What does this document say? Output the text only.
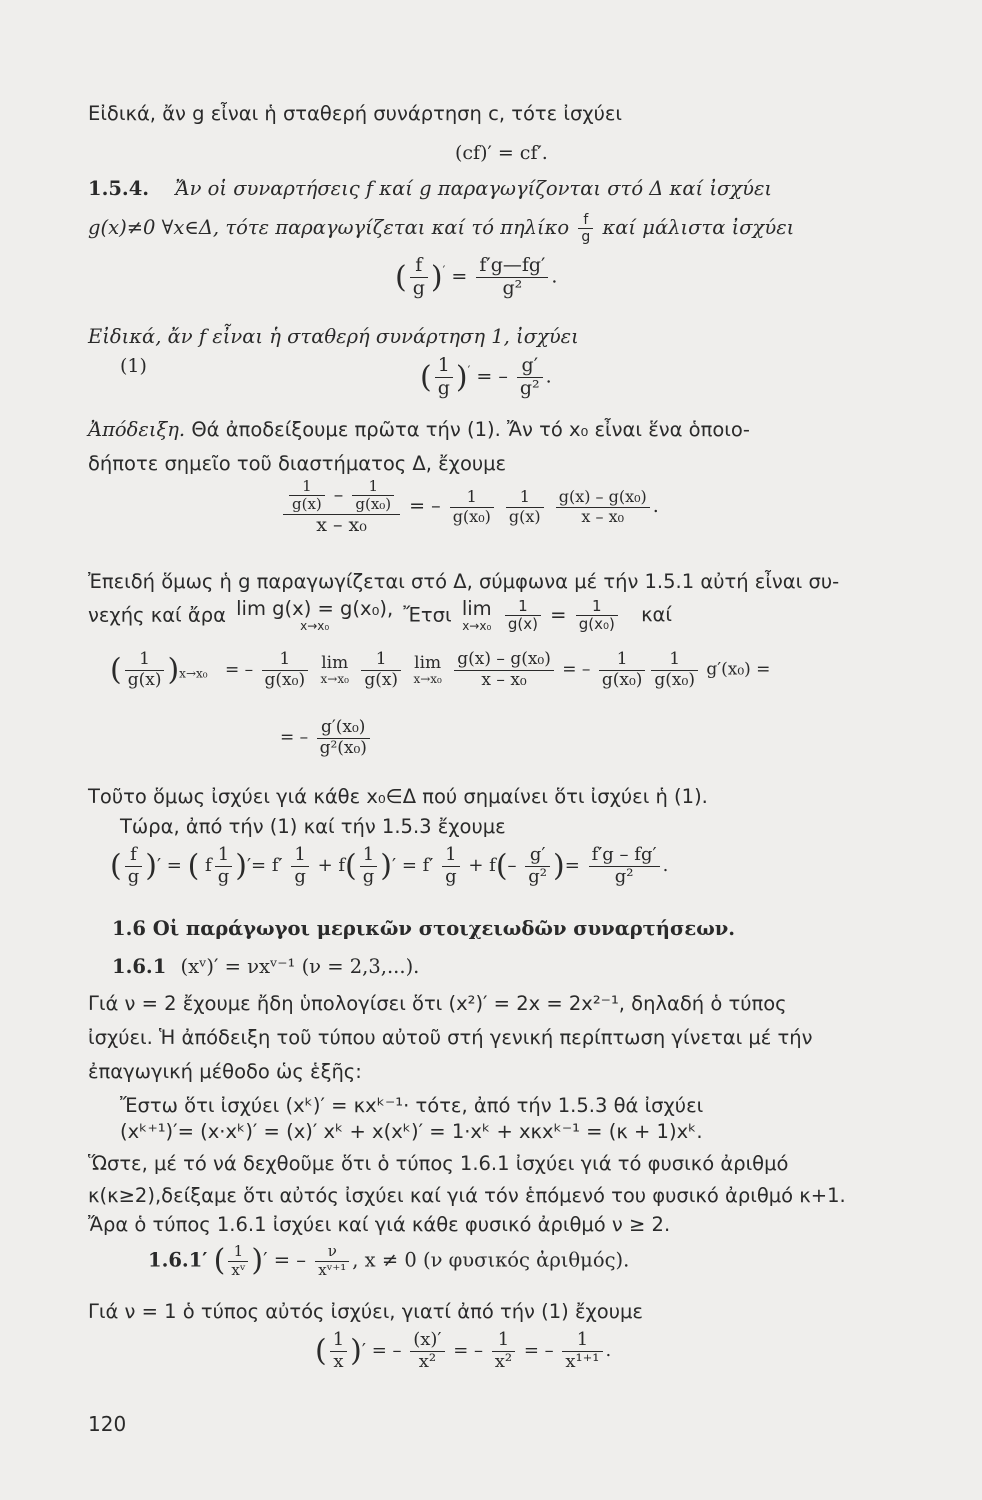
Εἰδικά, ἄν g εἶναι ἡ σταθερή συνάρτηση c, τότε ἰσχύει
(cf)′ = cf′.
1.5.4. Ἄν οἱ συναρτήσεις f καί g παραγωγίζονται στό Δ καί ἰσχύει
g(x)≠0 ∀x∈Δ, τότε παραγωγίζεται καί τό πηλίκο $\frac{f}{g}$ καί μάλιστα ἰσχύει
( $\frac{f}{g} )' = \frac{f'g—fg'}{\text{g²}}$ .
Εἰδικά, ἄν f εἶναι ἡ σταθερή συνάρτηση 1, ἰσχύει
(1)	( $\frac{1}{g} )'$ = – $\frac{g'}{\text{g²}}$ .
Ἀπόδειξη. Θά ἀποδείξουμε πρῶτα τήν (1). Ἄν τό x₀ εἶναι ἕνα ὁποιο-
δήποτε σημεῖο τοῦ διαστήματος Δ, ἔχουμε
$\frac{\frac{1}{g(x)} - \frac{1}{\text{g(x₀)}}}{\text{x – x₀}}$ = – $\frac{1}{\text{g(x₀)}}$
$\frac{1}{g(x)}$
$\frac{\text{g(x) – g(x₀)}}{\text{x – x₀}}$ .
Ἐπειδή ὅμως ἡ g παραγωγίζεται στό Δ, σύμφωνα μέ τήν 1.5.1 αὐτή εἶναι συ-
νεχής καί ἄρα lim g(x) = g(x₀),
x→x₀	Ἔτσι lim
x→x₀
$\frac{1}{g(x)} = \frac{1}{\text{g(x₀)}}$ καί
( $\frac{1}{g(x)} )_{x\to x_0}$ = – $\frac{1}{\text{g(x₀)}}$
lim
x→x₀
$\frac{1}{g(x)}$
lim
x→x₀
$\frac{\text{g(x) – g(x₀)}}{\text{x – x₀}}$ = – $\frac{1}{\text{g(x₀)}} \frac{1}{\text{g(x₀)}} g'(x_0)$ =
= – $\frac{\text{g′(x₀)}}{\text{g²(x₀)}}$
Τοῦτο ὅμως ἰσχύει γιά κάθε x₀∈Δ πού σημαίνει ὅτι ἰσχύει ἡ (1).
Τώρα, ἀπό τήν (1) καί τήν 1.5.3 ἔχουμε
( $\frac{f}{g}$ )′ = ( f $\frac{1}{g}$ )′= $f' \frac{1}{g} + f( \frac{1}{g}$ )′ = $f' \frac{1}{g} + f(- \frac{g'}{\text{g²}}$ )= $\frac{f'g - fg'}{\text{g²}}$ .
1.6 Οἱ παράγωγοι μερικῶν στοιχειωδῶν συναρτήσεων.
1.6.1 (xᵛ)′ = νxᵛ⁻¹ (ν = 2,3,...).
Γιά ν = 2 ἔχουμε ἤδη ὑπολογίσει ὅτι (x²)′ = 2x = 2x²⁻¹, δηλαδή ὁ τύπος
ἰσχύει. Ἡ ἀπόδειξη τοῦ τύπου αὐτοῦ στή γενική περίπτωση γίνεται μέ τήν
ἐπαγωγική μέθοδο ὡς ἑξῆς:
Ἔστω ὅτι ἰσχύει (xᵏ)′ = κxᵏ⁻¹· τότε, ἀπό τήν 1.5.3 θά ἰσχύει
(xᵏ⁺¹)′= (x·xᵏ)′ = (x)′ xᵏ + x(xᵏ)′ = 1·xᵏ + xκxᵏ⁻¹ = (κ + 1)xᵏ.
Ὥστε, μέ τό νά δεχθοῦμε ὅτι ὁ τύπος 1.6.1 ἰσχύει γιά τό φυσικό ἀριθμό
κ(κ≥2),δείξαμε ὅτι αὐτός ἰσχύει καί γιά τόν ἑπόμενό του φυσικό ἀριθμό κ+1.
Ἄρα ὁ τύπος 1.6.1 ἰσχύει καί γιά κάθε φυσικό ἀριθμό ν ≥ 2.
1.6.1′ ( $\frac{1}{\text{xᵛ}}$ )′ = – $\frac{\nu}{\text{xᵛ⁺¹}}$ , x ≠ 0 (ν φυσικός ἀριθμός).
Γιά ν = 1 ὁ τύπος αὐτός ἰσχύει, γιατί ἀπό τήν (1) ἔχουμε
( $\frac{1}{x}$ )′ = – $\frac{(x)'}{\text{x²}}$ = – $\frac{1}{\text{x²}}$ = – $\frac{1}{\text{x¹⁺¹}}$ .
120
